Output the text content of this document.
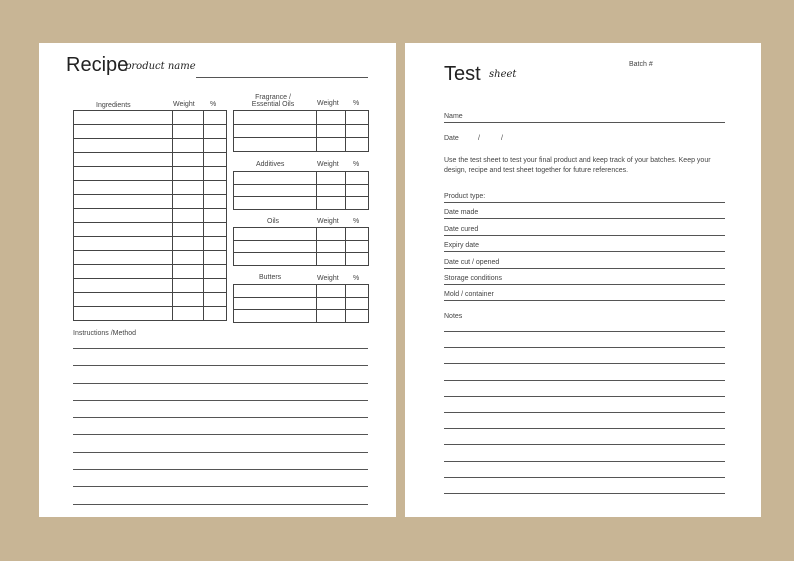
Recipe
product name
Ingredients	Weight %

Fragrance /
Essential Oils	Weight %

Additives	Weight %

Oils	Weight %

Butters	Weight %

Instructions /Method
Test sheet
Batch #
Name
Date	/	/
Use the test sheet to test your final product and keep track of your batches. Keep your design, recipe and test sheet together for future references.
Product type:
Date made
Date cured
Expiry date
Date cut / opened
Storage conditions
Mold / container
Notes
